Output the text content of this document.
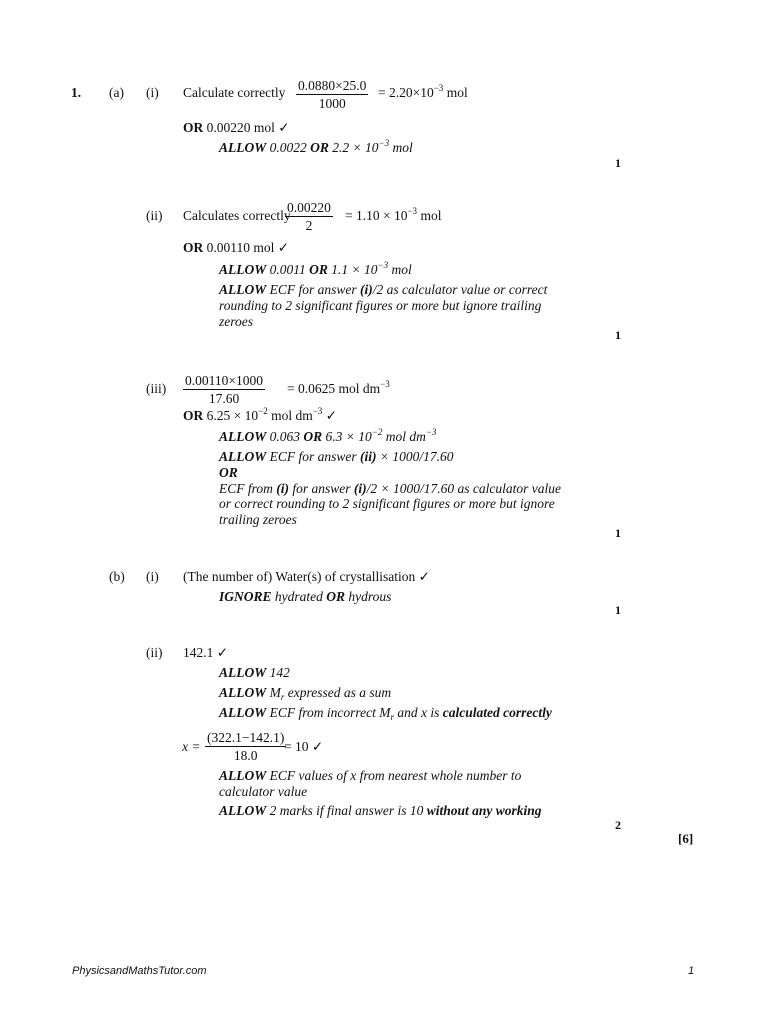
1. (a) (i) Calculate correctly $\frac{0.0880\times 25.0}{1000} = 2.20\times 10^{-3}$ mol
OR 0.00220 mol ✓
ALLOW 0.0022 OR $2.2 \times 10^{-3}$ mol
1
(ii) Calculates correctly
$\frac{0.00220}{2} = 1.10 \times 10^{-3}$ mol
OR 0.00110 mol ✓
ALLOW 0.0011 OR $1.1 \times 10^{-3}$ mol
ALLOW ECF for answer (i)/2 as calculator value or correct
rounding to 2 significant figures or more but ignore trailing
zeroes
1
$(iii) \frac{0.00110\times 1000}{17.60} = 0.0625$ mol $dm^{-3}$
OR $6.25 \times 10^{-2}$ mol $dm^{-3}$ ✓
ALLOW 0.063 OR $6.3 \times 10^{-2}$ mol $dm^{-3}$
ALLOW ECF for answer (ii) × 1000/17.60
OR
ECF from (i) for answer (i)/2 × 1000/17.60 as calculator value
or correct rounding to 2 significant figures or more but ignore
trailing zeroes
1
(b) (i) (The number of) Water(s) of crystallisation ✓
IGNORE hydrated OR hydrous
1
(ii) 142.1 ✓
ALLOW 142
ALLOW $M_r$ expressed as a sum
ALLOW ECF from incorrect $M_r$ and x is calculated correctly
$x = \frac{(322.1-142.1)}{18.0}$
= 10 ✓
ALLOW ECF values of x from nearest whole number to
calculator value
ALLOW 2 marks if final answer is 10 without any working
2
[6]
PhysicsandMathsTutor.com	1
